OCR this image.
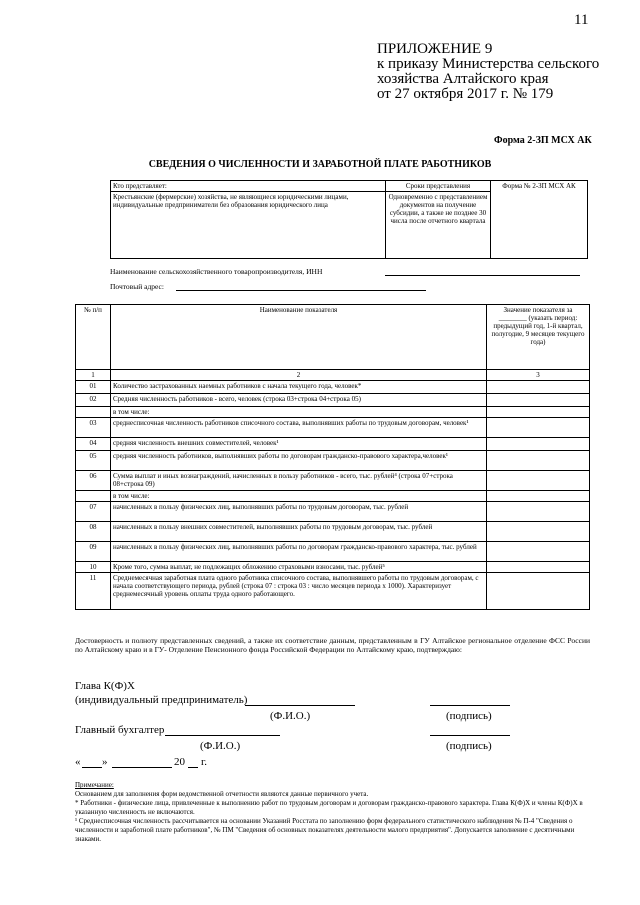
11
ПРИЛОЖЕНИЕ 9
к приказу Министерства сельского
хозяйства Алтайского края
от 27 октября 2017 г. № 179
Форма 2-ЗП МСХ АК
СВЕДЕНИЯ О ЧИСЛЕННОСТИ И ЗАРАБОТНОЙ ПЛАТЕ РАБОТНИКОВ
Кто представляет:	Сроки представления	Форма № 2-ЗП МСХ АК
Крестьянские (фермерские) хозяйства, не являющиеся юридическими лицами, индивидуальные предприниматели без образования юридического лица	Одновременно с представлением документов на получение субсидии, а также не позднее 30 числа после отчетного квартала	
Наименование сельскохозяйственного товаропроизводителя, ИНН
Почтовый адрес:
№ п/п	Наименование показателя	Значение показателя за ________ (указать период: предыдущий год, 1-й квартал, полугодие, 9 месяцев текущего года)
1	2	3
01	Количество застрахованных наемных работников с начала текущего года, человек*	
02	Средняя численность работников - всего, человек (строка 03+строка 04+строка 05)	
	в том числе:	
03	среднесписочная численность работников списочного состава, выполнявших работы по трудовым договорам, человек¹	
04	средняя численность внешних совместителей, человек¹	
05	средняя численность работников, выполнявших работы по договорам гражданско-правового характера,человек¹	
06	Сумма выплат и иных вознаграждений, начисленных в пользу работников - всего, тыс. рублей⁴ (строка 07+строка 08+строка 09)	
	в том числе:	
07	начисленных в пользу физических лиц, выполнявших работы по трудовым договорам, тыс. рублей	
08	начисленных в пользу внешних совместителей, выполнявших работы по трудовым договорам, тыс. рублей	
09	начисленных в пользу физических лиц, выполнявших работы по договорам гражданско-правового характера, тыс. рублей	
10	Кроме того, сумма выплат, не подлежащих обложению страховыми взносами, тыс. рублей⁵	
11	Среднемесячная заработная плата одного работника списочного состава, выполнявшего работы по трудовым договорам, с начала соответствующего периода, рублей (строка 07 : строка 03 : число месяцев периода х 1000). Характеризует среднемесячный уровень оплаты труда одного работающего.	
Достоверность и полноту представленных сведений, а также их соответствие данным, представленным в ГУ Алтайское региональное отделение ФСС России по Алтайскому краю и в ГУ- Отделение Пенсионного фонда Российской Федерации по Алтайскому краю, подтверждаю:
Глава К(Ф)Х
(индивидуальный предприниматель)
(Ф.И.О.)	(подпись)
Главный бухгалтер
(Ф.И.О.)	(подпись)
« »	20 г.
Примечание:
Основанием для заполнения форм ведомственной отчетности являются данные первичного учета.
* Работники - физические лица, привлеченные к выполнению работ по трудовым договорам и договорам гражданско-правового характера. Глава К(Ф)Х и члены К(Ф)Х в указанную численность не включаются.
¹ Среднесписочная численность рассчитывается на основании Указаний Росстата по заполнению форм федерального статистического наблюдения № П-4 "Сведения о численности и заработной плате работников", № ПМ "Сведения об основных показателях деятельности малого предприятия". Допускается заполнение с десятичными знаками.
